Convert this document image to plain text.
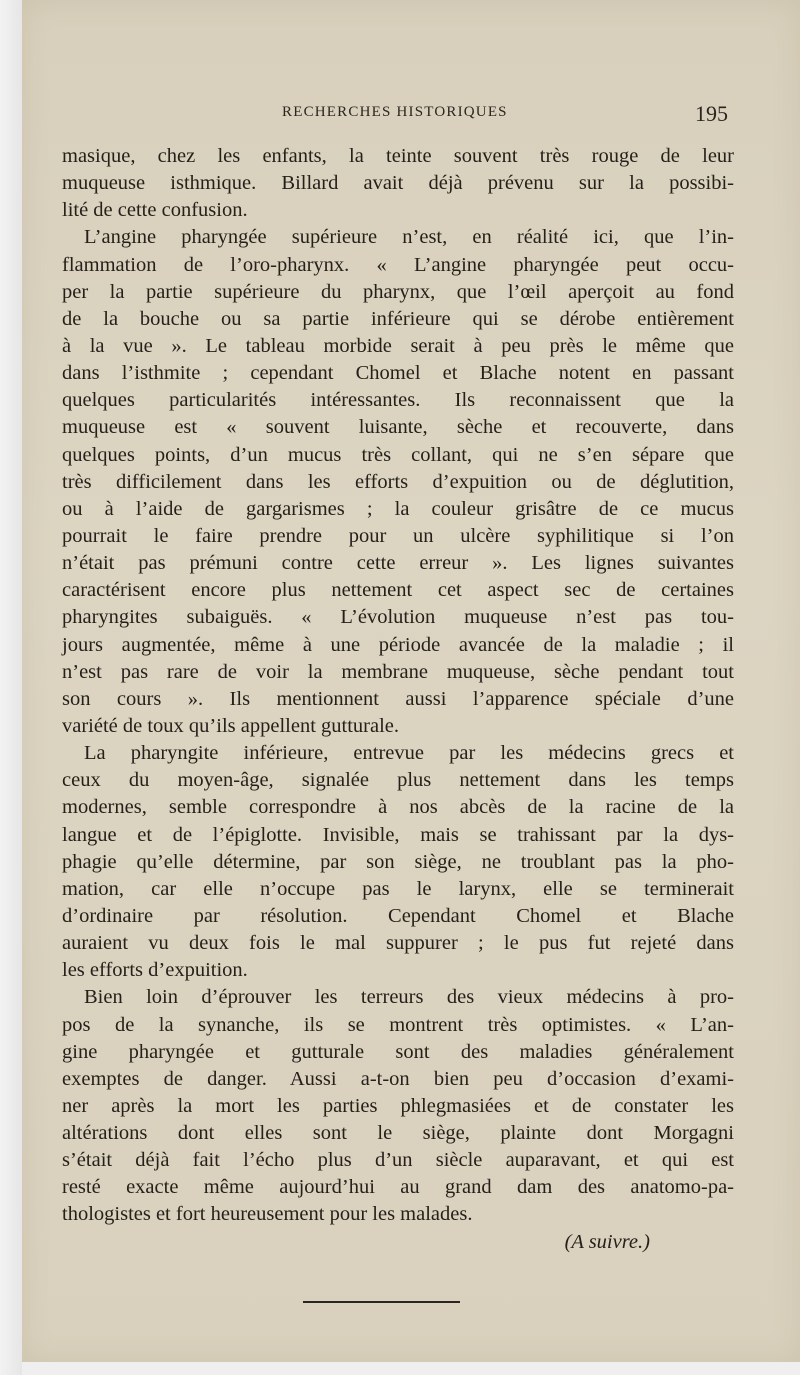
RECHERCHES HISTORIQUES	195
masique, chez les enfants, la teinte souvent très rouge de leur
muqueuse isthmique. Billard avait déjà prévenu sur la possibi-
lité de cette confusion.
L’angine pharyngée supérieure n’est, en réalité ici, que l’in-
flammation de l’oro-pharynx. « L’angine pharyngée peut occu-
per la partie supérieure du pharynx, que l’œil aperçoit au fond
de la bouche ou sa partie inférieure qui se dérobe entièrement
à la vue ». Le tableau morbide serait à peu près le même que
dans l’isthmite ; cependant Chomel et Blache notent en passant
quelques particularités intéressantes. Ils reconnaissent que la
muqueuse est « souvent luisante, sèche et recouverte, dans
quelques points, d’un mucus très collant, qui ne s’en sépare que
très difficilement dans les efforts d’expuition ou de déglutition,
ou à l’aide de gargarismes ; la couleur grisâtre de ce mucus
pourrait le faire prendre pour un ulcère syphilitique si l’on
n’était pas prémuni contre cette erreur ». Les lignes suivantes
caractérisent encore plus nettement cet aspect sec de certaines
pharyngites subaiguës. « L’évolution muqueuse n’est pas tou-
jours augmentée, même à une période avancée de la maladie ; il
n’est pas rare de voir la membrane muqueuse, sèche pendant tout
son cours ». Ils mentionnent aussi l’apparence spéciale d’une
variété de toux qu’ils appellent gutturale.
La pharyngite inférieure, entrevue par les médecins grecs et
ceux du moyen-âge, signalée plus nettement dans les temps
modernes, semble correspondre à nos abcès de la racine de la
langue et de l’épiglotte. Invisible, mais se trahissant par la dys-
phagie qu’elle détermine, par son siège, ne troublant pas la pho-
mation, car elle n’occupe pas le larynx, elle se terminerait
d’ordinaire par résolution. Cependant Chomel et Blache
auraient vu deux fois le mal suppurer ; le pus fut rejeté dans
les efforts d’expuition.
Bien loin d’éprouver les terreurs des vieux médecins à pro-
pos de la synanche, ils se montrent très optimistes. « L’an-
gine pharyngée et gutturale sont des maladies généralement
exemptes de danger. Aussi a-t-on bien peu d’occasion d’exami-
ner après la mort les parties phlegmasiées et de constater les
altérations dont elles sont le siège, plainte dont Morgagni
s’était déjà fait l’écho plus d’un siècle auparavant, et qui est
resté exacte même aujourd’hui au grand dam des anatomo-pa-
thologistes et fort heureusement pour les malades.
(A suivre.)
